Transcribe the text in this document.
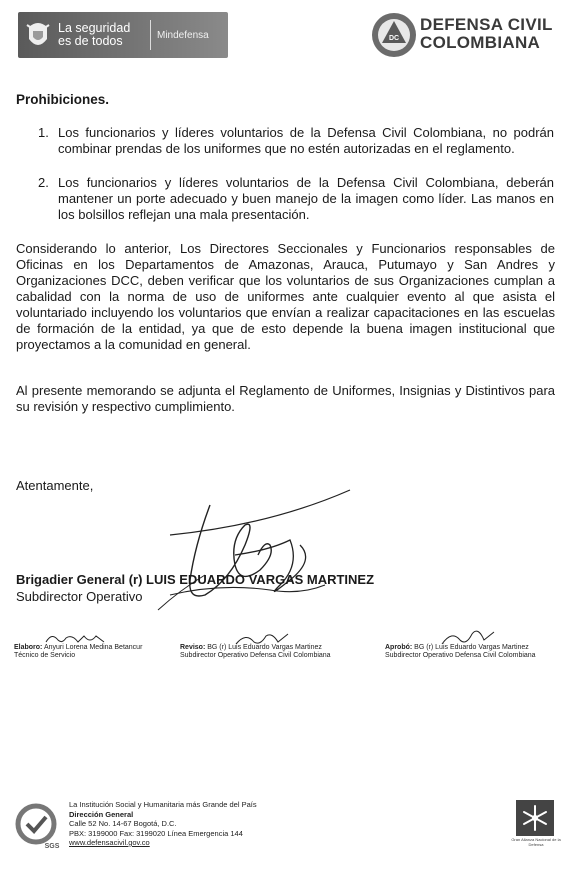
La seguridad
es de todos	Mindefensa	DC
DEFENSA CIVIL
COLOMBIANA
Prohibiciones.
1. Los funcionarios y líderes voluntarios de la Defensa Civil Colombiana, no podrán combinar prendas de los uniformes que no estén autorizadas en el reglamento.
2. Los funcionarios y líderes voluntarios de la Defensa Civil Colombiana, deberán mantener un porte adecuado y buen manejo de la imagen como líder. Las manos en los bolsillos reflejan una mala presentación.
Considerando lo anterior, Los Directores Seccionales y Funcionarios responsables de Oficinas en los Departamentos de Amazonas, Arauca, Putumayo y San Andres y Organizaciones DCC, deben verificar que los voluntarios de sus Organizaciones cumplan a cabalidad con la norma de uso de uniformes ante cualquier evento al que asista el voluntariado incluyendo los voluntarios que envían a realizar capacitaciones en las escuelas de formación de la entidad, ya que de esto depende la buena imagen institucional que proyectamos a la comunidad en general.
Al presente memorando se adjunta el Reglamento de Uniformes, Insignias y Distintivos para su revisión y respectivo cumplimiento.
Atentamente,
Brigadier General (r) LUIS EDUARDO VARGAS MARTINEZ
Subdirector Operativo
Elaboro: Anyuri Lorena Medina Betancur
Técnico de Servicio
Reviso: BG (r) Luis Eduardo Vargas Martinez
Subdirector Operativo Defensa Civil Colombiana
Aprobó: BG (r) Luis Eduardo Vargas Martinez
Subdirector Operativo Defensa Civil Colombiana
SGS
La Institución Social y Humanitaria más Grande del País
Dirección General
Calle 52 No. 14-67 Bogotá, D.C.
PBX: 3199000 Fax: 3199020 Línea Emergencia 144
www.defensacivil.gov.co	Gran Alianza Nacional de la Defensa
